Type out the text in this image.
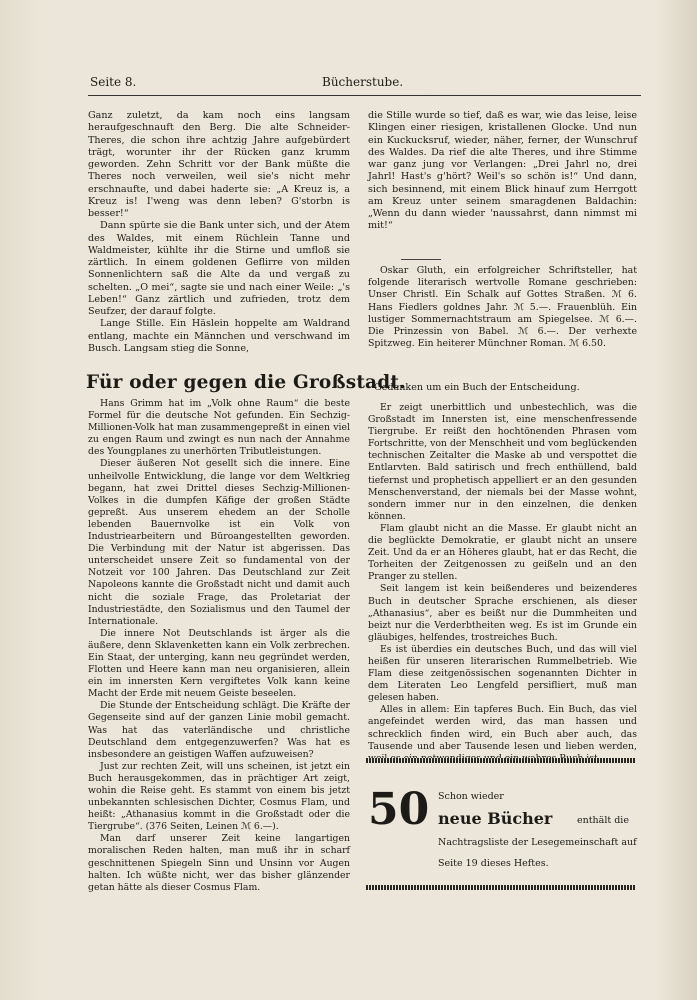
Seite 8.	Bücherstube.

Ganz zuletzt, da kam noch eins langsam heraufgeschnauft den Berg. Die alte Schneider-Theres, die schon ihre achtzig Jahre aufgebürdert trägt, worunter ihr der Rücken ganz krumm geworden. Zehn Schritt vor der Bank müßte die Theres noch verweilen, weil sie's nicht mehr erschnaufte, und dabei haderte sie: „A Kreuz is, a Kreuz is! I'weng was denn leben? G'storbn is besser!“

Dann spürte sie die Bank unter sich, und der Atem des Waldes, mit einem Rüchlein Tanne und Waldmeister, kühlte ihr die Stirne und umfloß sie zärtlich. In einem goldenen Geflirre von milden Sonnenlichtern saß die Alte da und vergaß zu schelten. „O mei“, sagte sie und nach einer Weile: „'s Leben!“ Ganz zärtlich und zufrieden, trotz dem Seufzer, der darauf folgte.

Lange Stille. Ein Häslein hoppelte am Waldrand entlang, machte ein Männchen und verschwand im Busch. Langsam stieg die Sonne,

die Stille wurde so tief, daß es war, wie das leise, leise Klingen einer riesigen, kristallenen Glocke. Und nun ein Kuckucksruf, wieder, näher, ferner, der Wunschruf des Waldes. Da rief die alte Theres, und ihre Stimme war ganz jung vor Verlangen: „Drei Jahrl no, drei Jahrl! Hast's g'hört? Weil's so schön is!“ Und dann, sich besinnend, mit einem Blick hinauf zum Herrgott am Kreuz unter seinem smaragdenen Baldachin: „Wenn du dann wieder 'naussahrst, dann nimmst mi mit!“

Oskar Gluth, ein erfolgreicher Schriftsteller, hat folgende literarisch wertvolle Romane geschrieben: Unser Christl. Ein Schalk auf Gottes Straßen. ℳ 6. Hans Fiedlers goldnes Jahr. ℳ 5.—. Frauenblüh. Ein lustiger Sommernachtstraum am Spiegelsee. ℳ 6.—. Die Prinzessin von Babel. ℳ 6.—. Der verhexte Spitzweg. Ein heiterer Münchner Roman. ℳ 6.50.

Für oder gegen die Großstadt.
Gedanken um ein Buch der Entscheidung.

Hans Grimm hat im „Volk ohne Raum“ die beste Formel für die deutsche Not gefunden. Ein Sechzig-Millionen-Volk hat man zusammengepreßt in einen viel zu engen Raum und zwingt es nun nach der Annahme des Youngplanes zu unerhörten Tributleistungen.

Dieser äußeren Not gesellt sich die innere. Eine unheilvolle Entwicklung, die lange vor dem Weltkrieg begann, hat zwei Drittel dieses Sechzig-Millionen-Volkes in die dumpfen Käfige der großen Städte gepreßt. Aus unserem ehedem an der Scholle lebenden Bauernvolke ist ein Volk von Industriearbeitern und Büroangestellten geworden. Die Verbindung mit der Natur ist abgerissen. Das unterscheidet unsere Zeit so fundamental von der Notzeit vor 100 Jahren. Das Deutschland zur Zeit Napoleons kannte die Großstadt nicht und damit auch nicht die soziale Frage, das Proletariat der Industriestädte, den Sozialismus und den Taumel der Internationale.

Die innere Not Deutschlands ist ärger als die äußere, denn Sklavenketten kann ein Volk zerbrechen. Ein Staat, der unterging, kann neu gegründet werden, Flotten und Heere kann man neu organisieren, allein ein im innersten Kern vergiftetes Volk kann keine Macht der Erde mit neuem Geiste beseelen.

Die Stunde der Entscheidung schlägt. Die Kräfte der Gegenseite sind auf der ganzen Linie mobil gemacht. Was hat das vaterländische und christliche Deutschland dem entgegenzuwerfen? Was hat es insbesondere an geistigen Waffen aufzuweisen?

Just zur rechten Zeit, will uns scheinen, ist jetzt ein Buch herausgekommen, das in prächtiger Art zeigt, wohin die Reise geht. Es stammt von einem bis jetzt unbekannten schlesischen Dichter, Cosmus Flam, und heißt: „Athanasius kommt in die Großstadt oder die Tiergrube“. (376 Seiten, Leinen ℳ 6.—).

Man darf unserer Zeit keine langartigen moralischen Reden halten, man muß ihr in scharf geschnittenen Spiegeln Sinn und Unsinn vor Augen halten. Ich wüßte nicht, wer das bisher glänzender getan hätte als dieser Cosmus Flam.

Er zeigt unerbittlich und unbestechlich, was die Großstadt im Innersten ist, eine menschenfressende Tiergrube. Er reißt den hochtönenden Phrasen vom Fortschritte, von der Menschheit und vom beglückenden technischen Zeitalter die Maske ab und verspottet die Entlarvten. Bald satirisch und frech enthüllend, bald tiefernst und prophetisch appelliert er an den gesunden Menschenverstand, der niemals bei der Masse wohnt, sondern immer nur in den einzelnen, die denken können.

Flam glaubt nicht an die Masse. Er glaubt nicht an die beglückte Demokratie, er glaubt nicht an unsere Zeit. Und da er an Höheres glaubt, hat er das Recht, die Torheiten der Zeitgenossen zu geißeln und an den Pranger zu stellen.

Seit langem ist kein beißenderes und beizenderes Buch in deutscher Sprache erschienen, als dieser „Athanasius“, aber es beißt nur die Dummheiten und beizt nur die Verderbtheiten weg. Es ist im Grunde ein gläubiges, helfendes, trostreiches Buch.

Es ist überdies ein deutsches Buch, und das will viel heißen für unseren literarischen Rummelbetrieb. Wie Flam diese zeitgenössischen sogenannten Dichter in dem Literaten Leo Lengfeld persifliert, muß man gelesen haben.

Alles in allem: Ein tapferes Buch. Ein Buch, das viel angefeindet werden wird, das man hassen und schrecklich finden wird, ein Buch aber auch, das Tausende und aber Tausende lesen und lieben werden,

50 Schon wieder
neue Bücher	enthält die
Nachtragsliste der Lesegemeinschaft auf
Seite 19 dieses Heftes.
